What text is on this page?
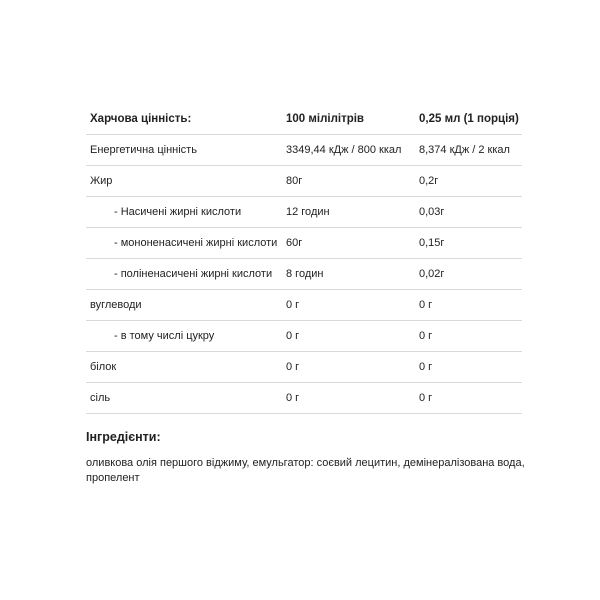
Харчова цінність:	100 мілілітрів	0,25 мл (1 порція)
Енергетична цінність	3349,44 кДж / 800 ккал	8,374 кДж / 2 ккал
Жир	80г	0,2г
- Насичені жирні кислоти	12 годин	0,03г
- мононенасичені жирні кислоти 60г	0,15г
- поліненасичені жирні кислоти	8 годин	0,02г
вуглеводи	0 г	0 г
- в тому числі цукру	0 г	0 г
білок	0 г	0 г
сіль	0 г	0 г
Інгредієнти:
оливкова олія першого віджиму, емульгатор: соєвий лецитин, демінералізована вода, пропелент
